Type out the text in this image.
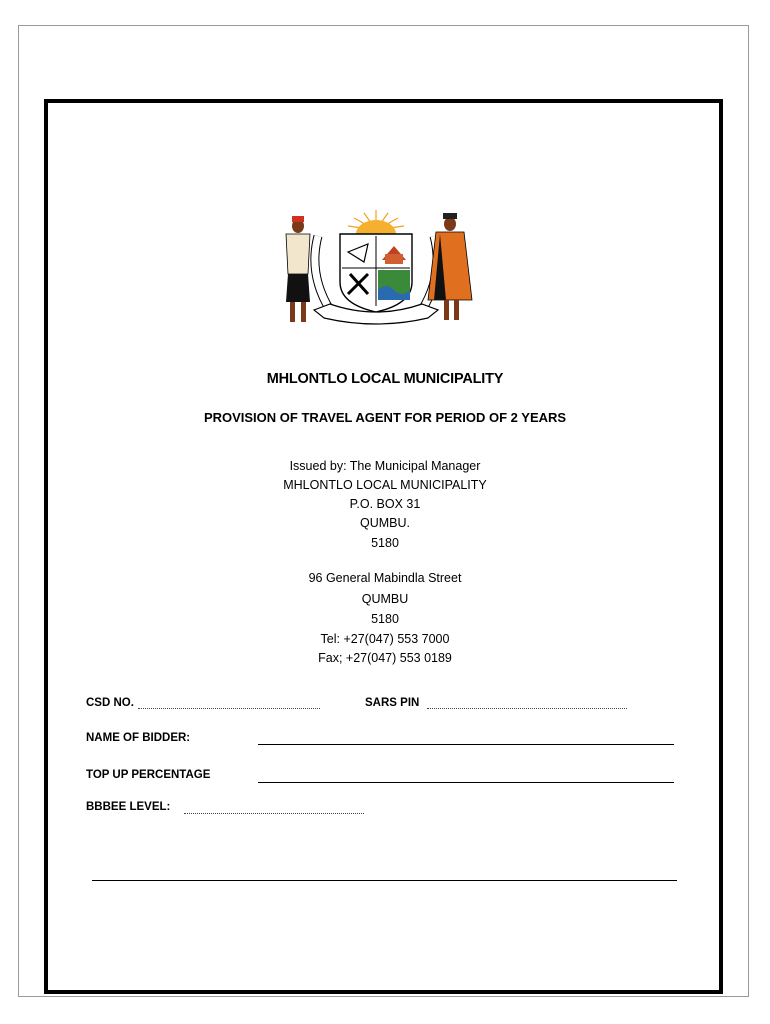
MHLONTLO LOCAL MUNICIPALITY
PROVISION OF TRAVEL AGENT FOR PERIOD OF 2 YEARS
Issued by: The Municipal Manager
MHLONTLO LOCAL MUNICIPALITY
P.O. BOX 31
QUMBU.
5180
96 General Mabindla Street
QUMBU
5180
Tel: +27(047) 553 7000
Fax; +27(047) 553 0189
CSD NO.	SARS PIN
NAME OF BIDDER:
TOP UP PERCENTAGE
BBBEE LEVEL:
